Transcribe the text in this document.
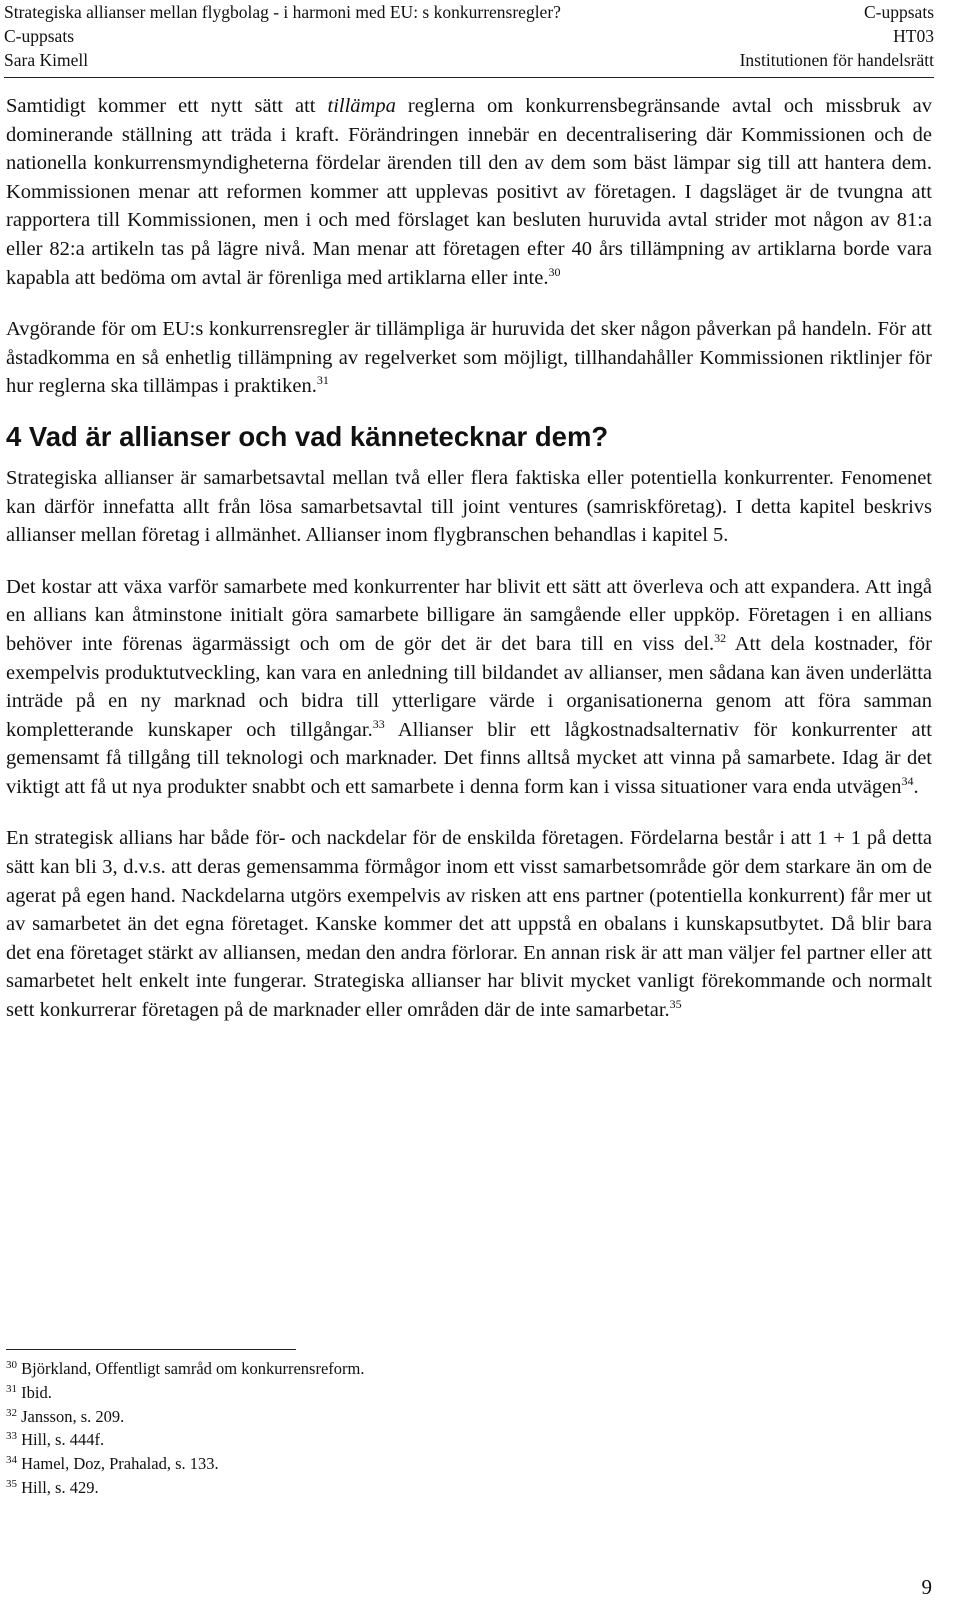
Strategiska allianser mellan flygbolag - i harmoni med EU: s konkurrensregler?	C-uppsats
C-uppsats	HT03
Sara Kimell	Institutionen för handelsrätt

Samtidigt kommer ett nytt sätt att tillämpa reglerna om konkurrensbegränsande avtal och missbruk av dominerande ställning att träda i kraft. Förändringen innebär en decentralisering där Kommissionen och de nationella konkurrensmyndigheterna fördelar ärenden till den av dem som bäst lämpar sig till att hantera dem. Kommissionen menar att reformen kommer att upplevas positivt av företagen. I dagsläget är de tvungna att rapportera till Kommissionen, men i och med förslaget kan besluten huruvida avtal strider mot någon av 81:a eller 82:a artikeln tas på lägre nivå. Man menar att företagen efter 40 års tillämpning av artiklarna borde vara kapabla att bedöma om avtal är förenliga med artiklarna eller inte.$^{30}$

Avgörande för om EU:s konkurrensregler är tillämpliga är huruvida det sker någon påverkan på handeln. För att åstadkomma en så enhetlig tillämpning av regelverket som möjligt, tillhandahåller Kommissionen riktlinjer för hur reglerna ska tillämpas i praktiken.$^{31}$

4 Vad är allianser och vad kännetecknar dem?

Strategiska allianser är samarbetsavtal mellan två eller flera faktiska eller potentiella konkurrenter. Fenomenet kan därför innefatta allt från lösa samarbetsavtal till joint ventures (samriskföretag). I detta kapitel beskrivs allianser mellan företag i allmänhet. Allianser inom flygbranschen behandlas i kapitel 5.

Det kostar att växa varför samarbete med konkurrenter har blivit ett sätt att överleva och att expandera. Att ingå en allians kan åtminstone initialt göra samarbete billigare än samgående eller uppköp. Företagen i en allians behöver inte förenas ägarmässigt och om de gör det är det bara till en viss del.$^{32}$ Att dela kostnader, för exempelvis produktutveckling, kan vara en anledning till bildandet av allianser, men sådana kan även underlätta inträde på en ny marknad och bidra till ytterligare värde i organisationerna genom att föra samman kompletterande kunskaper och tillgångar.$^{33}$ Allianser blir ett lågkostnadsalternativ för konkurrenter att gemensamt få tillgång till teknologi och marknader. Det finns alltså mycket att vinna på samarbete. Idag är det viktigt att få ut nya produkter snabbt och ett samarbete i denna form kan i vissa situationer vara enda utvägen$^{34}$.

En strategisk allians har både för- och nackdelar för de enskilda företagen. Fördelarna består i att 1 + 1 på detta sätt kan bli 3, d.v.s. att deras gemensamma förmågor inom ett visst samarbetsområde gör dem starkare än om de agerat på egen hand. Nackdelarna utgörs exempelvis av risken att ens partner (potentiella konkurrent) får mer ut av samarbetet än det egna företaget. Kanske kommer det att uppstå en obalans i kunskapsutbytet. Då blir bara det ena företaget stärkt av alliansen, medan den andra förlorar. En annan risk är att man väljer fel partner eller att samarbetet helt enkelt inte fungerar. Strategiska allianser har blivit mycket vanligt förekommande och normalt sett konkurrerar företagen på de marknader eller områden där de inte samarbetar.$^{35}$

$^{30}$ Björkland, Offentligt samråd om konkurrensreform.
$^{31}$ Ibid.
$^{32}$ Jansson, s. 209.
$^{33}$ Hill, s. 444f.
$^{34}$ Hamel, Doz, Prahalad, s. 133.
$^{35}$ Hill, s. 429.
9
